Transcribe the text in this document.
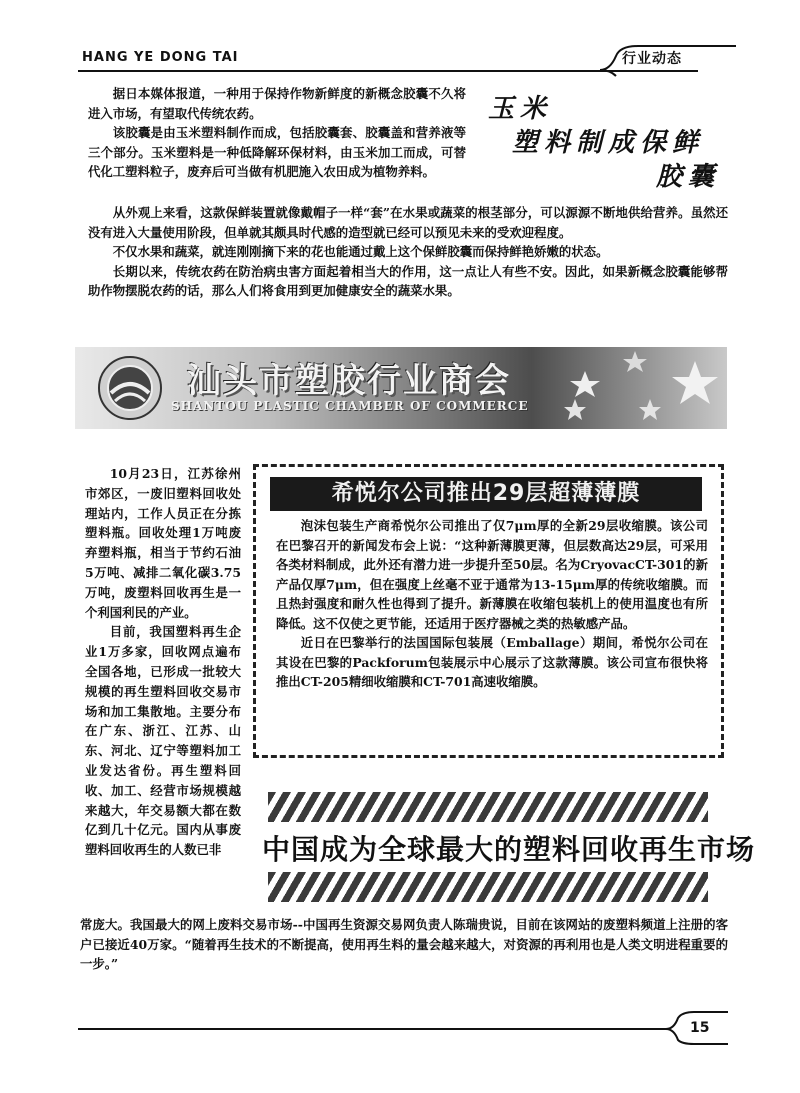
HANG YE DONG TAI	行业动态

据日本媒体报道，一种用于保持作物新鲜度的新概念胶囊不久将进入市场，有望取代传统农药。

该胶囊是由玉米塑料制作而成，包括胶囊套、胶囊盖和营养液等三个部分。玉米塑料是一种低降解环保材料，由玉米加工而成，可替代化工塑料粒子，废弃后可当做有机肥施入农田成为植物养料。

玉米
塑料制成保鲜
胶囊

从外观上来看，这款保鲜装置就像戴帽子一样“套”在水果或蔬菜的根茎部分，可以源源不断地供给营养。虽然还没有进入大量使用阶段，但单就其颇具时代感的造型就已经可以预见未来的受欢迎程度。

不仅水果和蔬菜，就连刚刚摘下来的花也能通过戴上这个保鲜胶囊而保持鲜艳娇嫩的状态。

长期以来，传统农药在防治病虫害方面起着相当大的作用，这一点让人有些不安。因此，如果新概念胶囊能够帮助作物摆脱农药的话，那么人们将食用到更加健康安全的蔬菜水果。

汕头市塑胶行业商会
SHANTOU PLASTIC CHAMBER OF COMMERCE

10月23日，江苏徐州市郊区，一废旧塑料回收处理站内，工作人员正在分拣塑料瓶。回收处理1万吨废弃塑料瓶，相当于节约石油5万吨、减排二氧化碳3.75万吨，废塑料回收再生是一个利国利民的产业。

目前，我国塑料再生企业1万多家，回收网点遍布全国各地，已形成一批较大规模的再生塑料回收交易市场和加工集散地。主要分布在广东、浙江、江苏、山东、河北、辽宁等塑料加工业发达省份。再生塑料回收、加工、经营市场规模越来越大，年交易额大都在数亿到几十亿元。国内从事废塑料回收再生的人数已非

希悦尔公司推出29层超薄薄膜

泡沫包装生产商希悦尔公司推出了仅7μm厚的全新29层收缩膜。该公司在巴黎召开的新闻发布会上说：“这种新薄膜更薄，但层数高达29层，可采用各类材料制成，此外还有潜力进一步提升至50层。名为CryovacCT-301的新产品仅厚7μm，但在强度上丝毫不亚于通常为13-15μm厚的传统收缩膜。而且热封强度和耐久性也得到了提升。新薄膜在收缩包装机上的使用温度也有所降低。这不仅使之更节能，还适用于医疗器械之类的热敏感产品。

近日在巴黎举行的法国国际包装展（Emballage）期间，希悦尔公司在其设在巴黎的Packforum包装展示中心展示了这款薄膜。该公司宣布很快将推出CT-205精细收缩膜和CT-701高速收缩膜。

中国成为全球最大的塑料回收再生市场

常庞大。我国最大的网上废料交易市场--中国再生资源交易网负责人陈瑞贵说，目前在该网站的废塑料频道上注册的客户已接近40万家。“随着再生技术的不断提高，使用再生料的量会越来越大，对资源的再利用也是人类文明进程重要的一步。”

15
